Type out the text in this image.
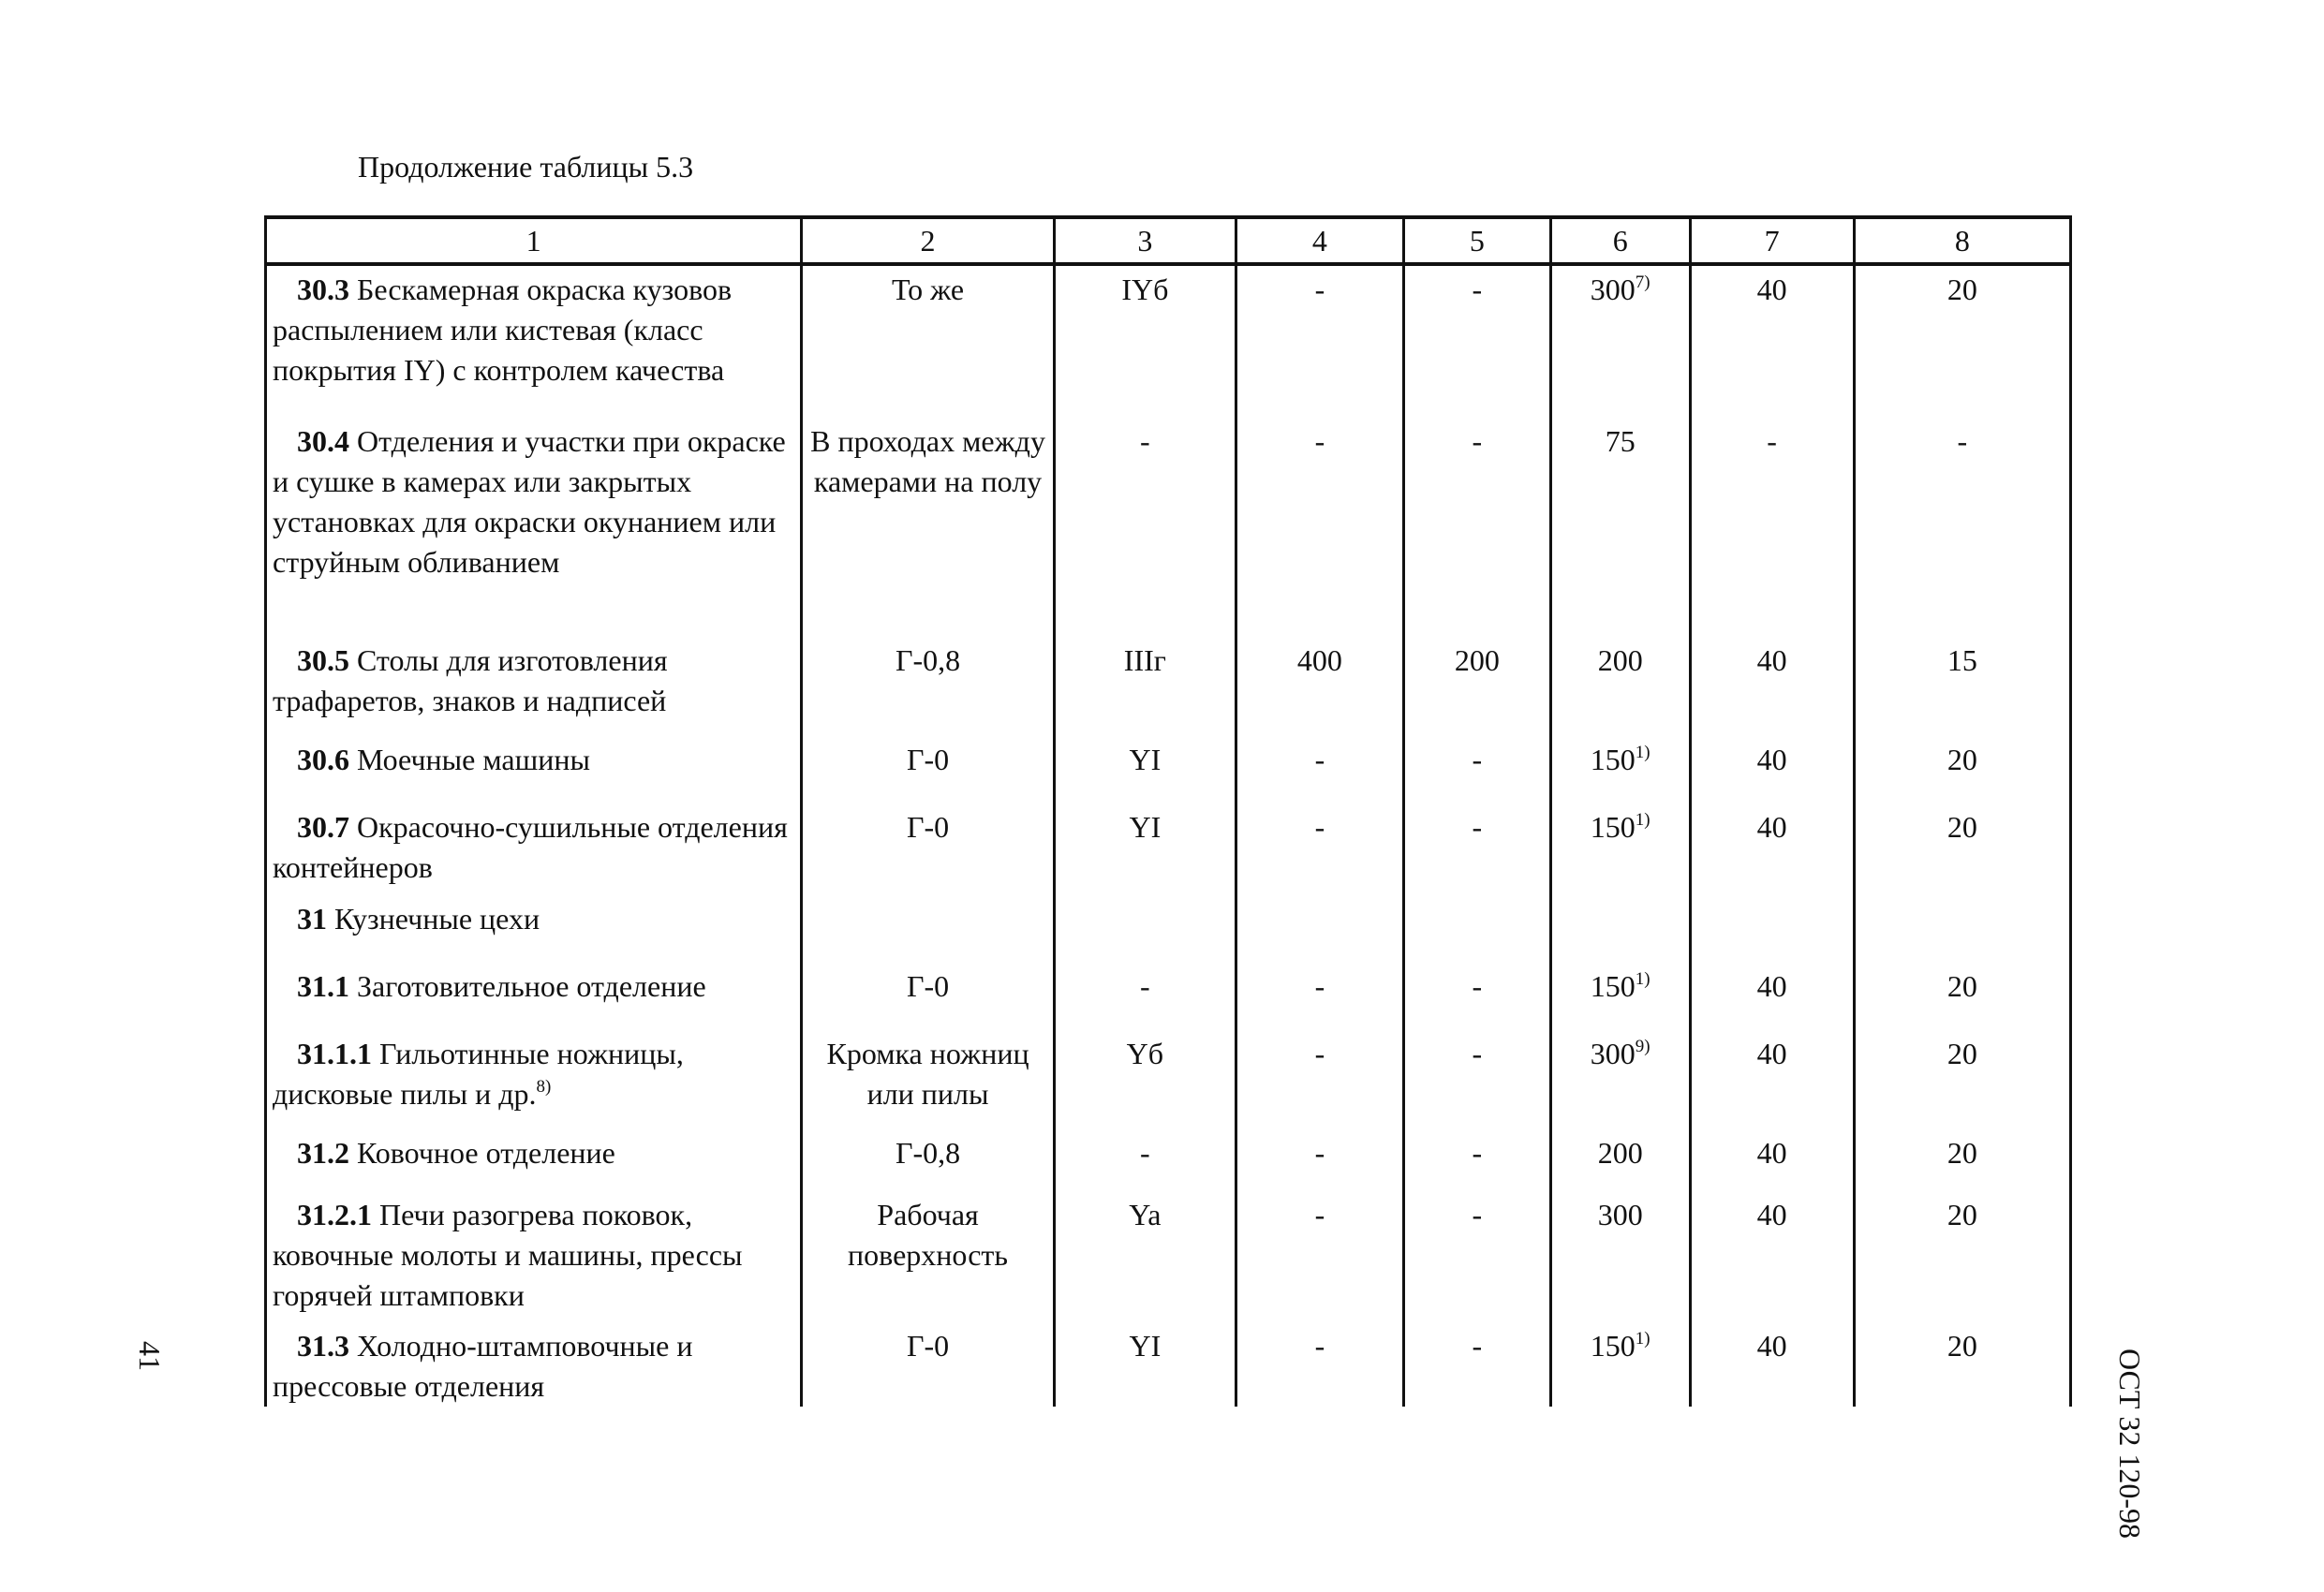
Продолжение таблицы 5.3
1	2	3	4	5	6	7	8
30.3 Бескамерная окраска кузовов распылением или кистевая (класс покрытия IY) с контролем качества	То же	IYб	-	-	300$^{7)}$	40	20
30.4 Отделения и участки при окраске и сушке в камерах или закрытых установках для окраски окунанием или струйным обливанием	В проходах между камерами на полу	-	-	-	75	-	-
30.5 Столы для изготовления трафаретов, знаков и надписей	Г-0,8	IIIг	400	200	200	40	15
30.6 Моечные машины	Г-0	YI	-	-	150$^{1)}$	40	20
30.7 Окрасочно-сушильные отделения контейнеров	Г-0	YI	-	-	150$^{1)}$	40	20
31 Кузнечные цехи							
31.1 Заготовительное отделение	Г-0	-	-	-	150$^{1)}$	40	20
31.1.1 Гильотинные ножницы, дисковые пилы и др.$^{8)}$	Кромка ножниц или пилы	Yб	-	-	300$^{9)}$	40	20
31.2 Ковочное отделение	Г-0,8	-	-	-	200	40	20
31.2.1 Печи разогрева поковок, ковочные молоты и машины, прессы горячей штамповки	Рабочая поверхность	Ya	-	-	300	40	20
31.3 Холодно-штамповочные и прессовые отделения	Г-0	YI	-	-	150$^{1)}$	40	20
ОСТ 32 120-98
41
